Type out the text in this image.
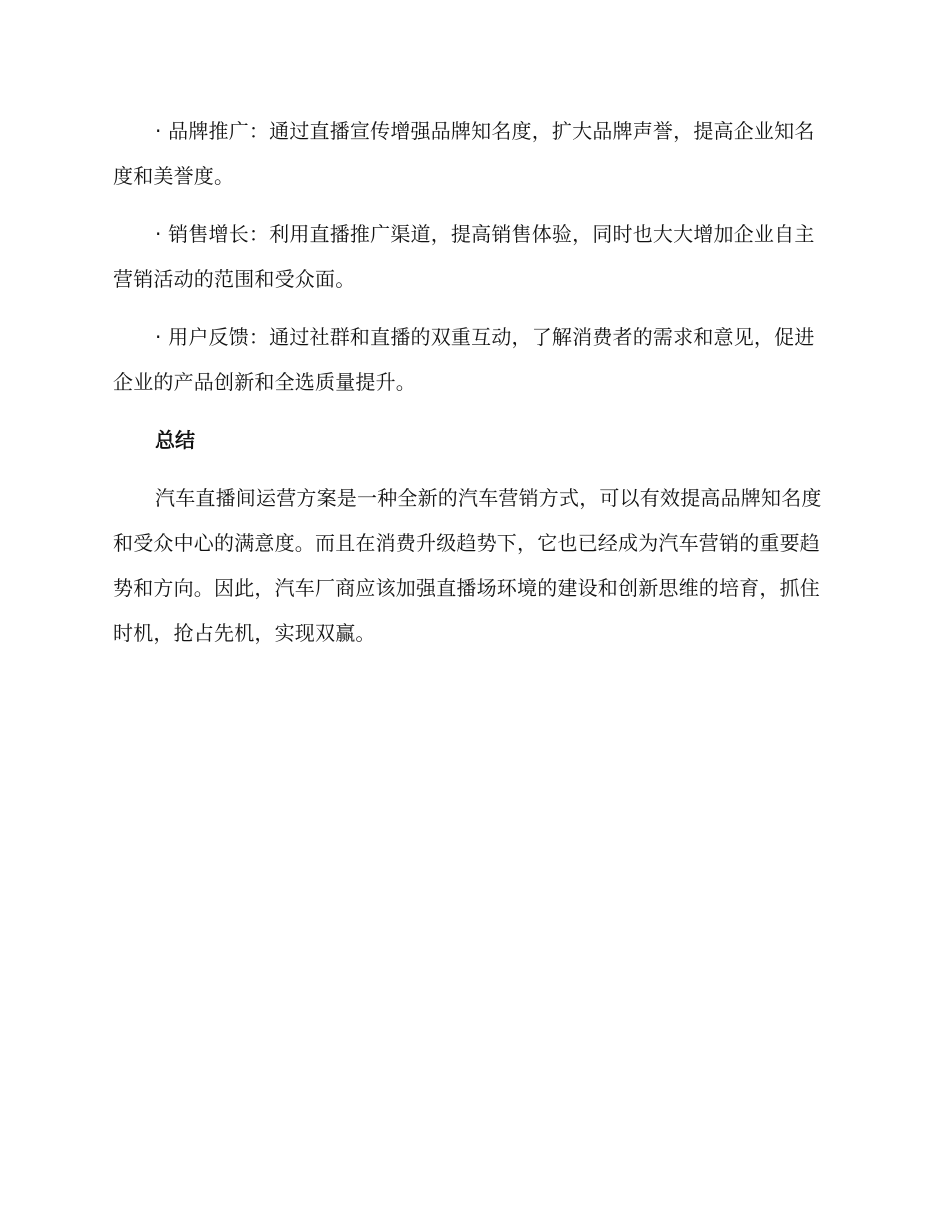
· 品牌推广：通过直播宣传增强品牌知名度，扩大品牌声誉，提高企业知名度和美誉度。

· 销售增长：利用直播推广渠道，提高销售体验，同时也大大增加企业自主营销活动的范围和受众面。

· 用户反馈：通过社群和直播的双重互动，了解消费者的需求和意见，促进企业的产品创新和全选质量提升。

总结

汽车直播间运营方案是一种全新的汽车营销方式，可以有效提高品牌知名度和受众中心的满意度。而且在消费升级趋势下，它也已经成为汽车营销的重要趋势和方向。因此，汽车厂商应该加强直播场环境的建设和创新思维的培育，抓住时机，抢占先机，实现双赢。
